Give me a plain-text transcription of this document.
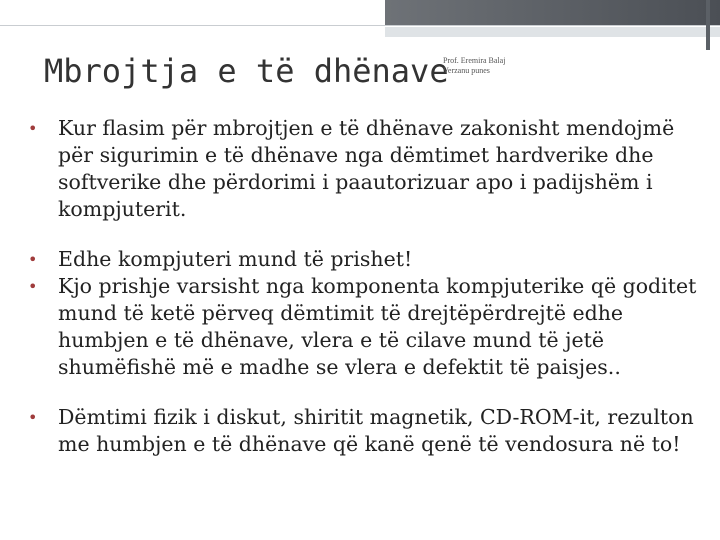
Mbrojtja e të dhënave
Prof. Eremira Balaj
Verzanu punes
• Kur flasim për mbrojtjen e të dhënave zakonisht mendojmë për sigurimin e të dhënave nga dëmtimet hardverike dhe softverike dhe përdorimi i paautorizuar apo i padijshëm i kompjuterit.
• Edhe kompjuteri mund të prishet!
• Kjo prishje varsisht nga komponenta kompjuterike që goditet mund të ketë përveq dëmtimit të drejtëpërdrejtë edhe humbjen e të dhënave, vlera e të cilave mund të jetë shumëfishë më e madhe se vlera e defektit të paisjes..
• Dëmtimi fizik i diskut, shiritit magnetik, CD-ROM-it, rezulton me humbjen e të dhënave që kanë qenë të vendosura në to!
